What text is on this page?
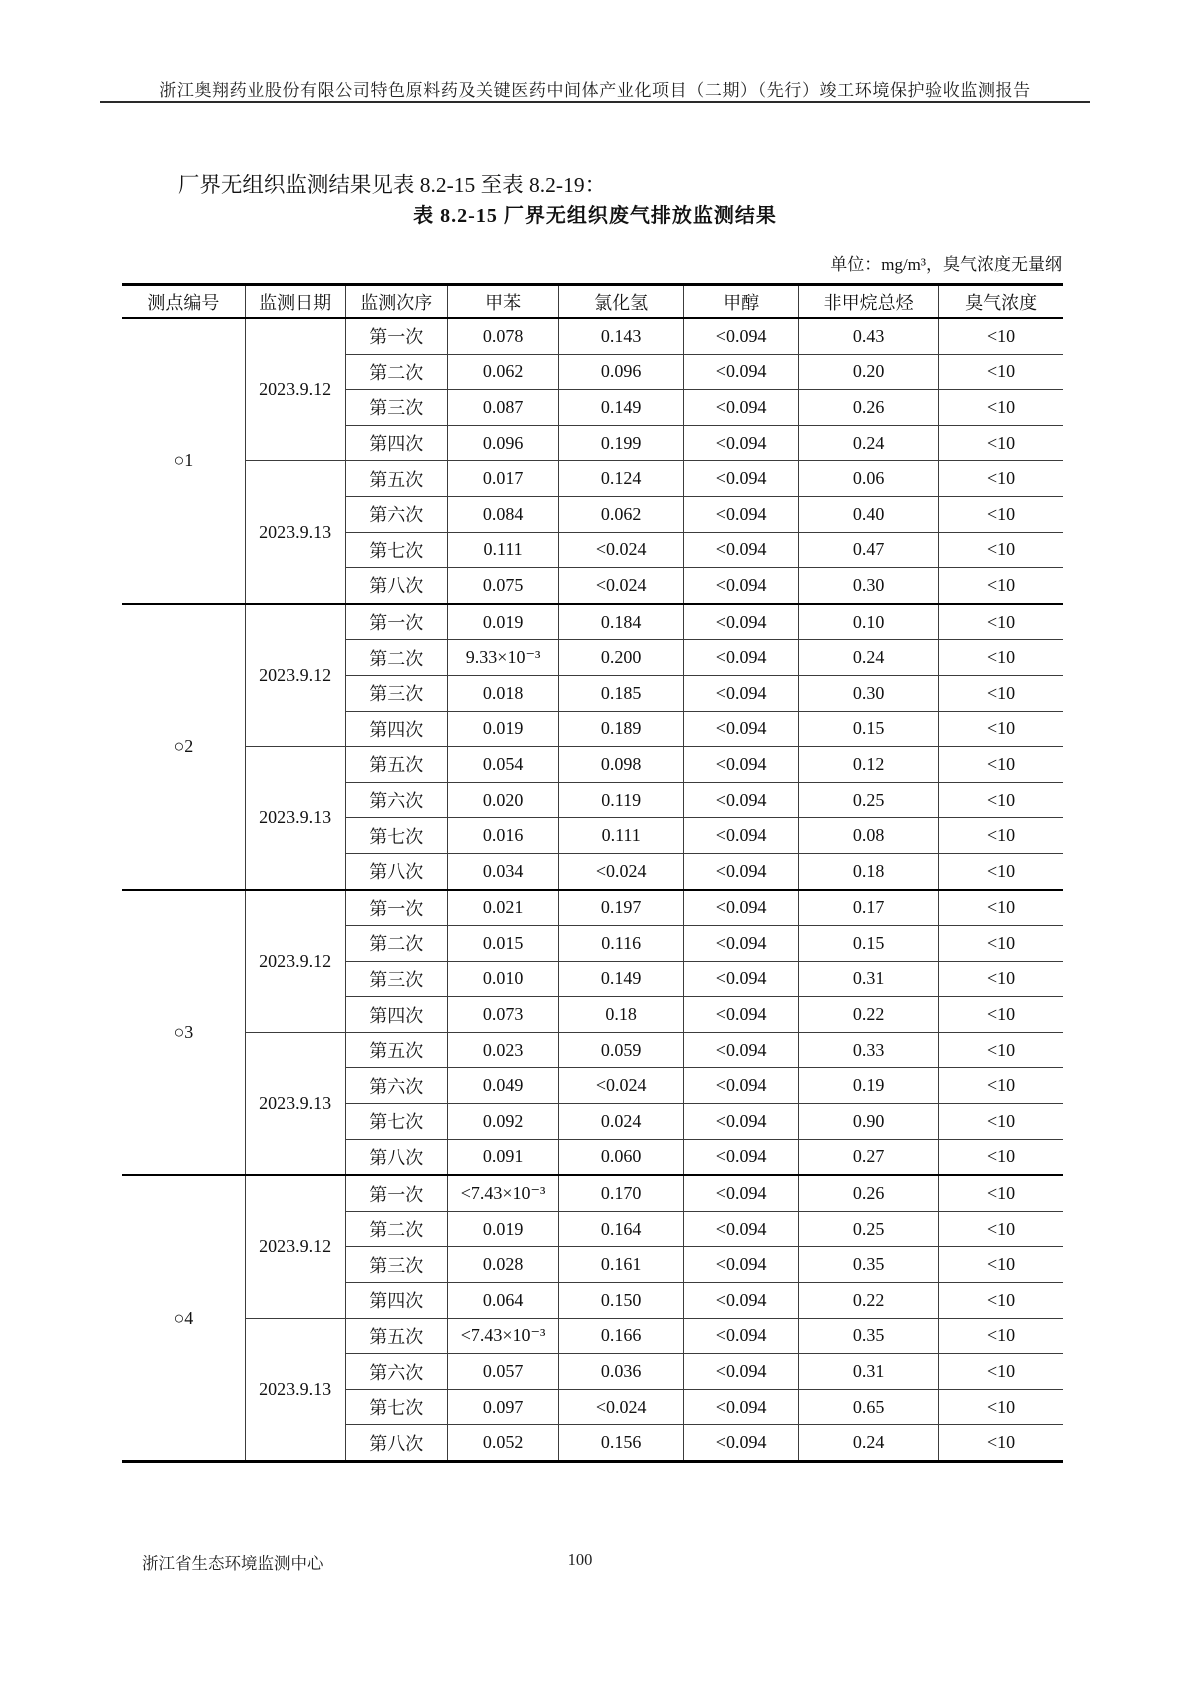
浙江奥翔药业股份有限公司特色原料药及关键医药中间体产业化项目（二期）（先行）竣工环境保护验收监测报告

厂界无组织监测结果见表 8.2-15 至表 8.2-19：

表 8.2-15 厂界无组织废气排放监测结果
单位：mg/m³，臭气浓度无量纲
测点编号	监测日期	监测次序	甲苯	氯化氢	甲醇	非甲烷总烃	臭气浓度
○1	2023.9.12	第一次	0.078	0.143	<0.094	0.43	<10
		第二次	0.062	0.096	<0.094	0.20	<10
		第三次	0.087	0.149	<0.094	0.26	<10
		第四次	0.096	0.199	<0.094	0.24	<10
	2023.9.13	第五次	0.017	0.124	<0.094	0.06	<10
		第六次	0.084	0.062	<0.094	0.40	<10
		第七次	0.111	<0.024	<0.094	0.47	<10
		第八次	0.075	<0.024	<0.094	0.30	<10
○2	2023.9.12	第一次	0.019	0.184	<0.094	0.10	<10
		第二次	9.33×10⁻³	0.200	<0.094	0.24	<10
		第三次	0.018	0.185	<0.094	0.30	<10
		第四次	0.019	0.189	<0.094	0.15	<10
	2023.9.13	第五次	0.054	0.098	<0.094	0.12	<10
		第六次	0.020	0.119	<0.094	0.25	<10
		第七次	0.016	0.111	<0.094	0.08	<10
		第八次	0.034	<0.024	<0.094	0.18	<10
○3	2023.9.12	第一次	0.021	0.197	<0.094	0.17	<10
		第二次	0.015	0.116	<0.094	0.15	<10
		第三次	0.010	0.149	<0.094	0.31	<10
		第四次	0.073	0.18	<0.094	0.22	<10
	2023.9.13	第五次	0.023	0.059	<0.094	0.33	<10
		第六次	0.049	<0.024	<0.094	0.19	<10
		第七次	0.092	0.024	<0.094	0.90	<10
		第八次	0.091	0.060	<0.094	0.27	<10
○4	2023.9.12	第一次	<7.43×10⁻³	0.170	<0.094	0.26	<10
		第二次	0.019	0.164	<0.094	0.25	<10
		第三次	0.028	0.161	<0.094	0.35	<10
		第四次	0.064	0.150	<0.094	0.22	<10
	2023.9.13	第五次	<7.43×10⁻³	0.166	<0.094	0.35	<10
		第六次	0.057	0.036	<0.094	0.31	<10
		第七次	0.097	<0.024	<0.094	0.65	<10
		第八次	0.052	0.156	<0.094	0.24	<10
浙江省生态环境监测中心	100
